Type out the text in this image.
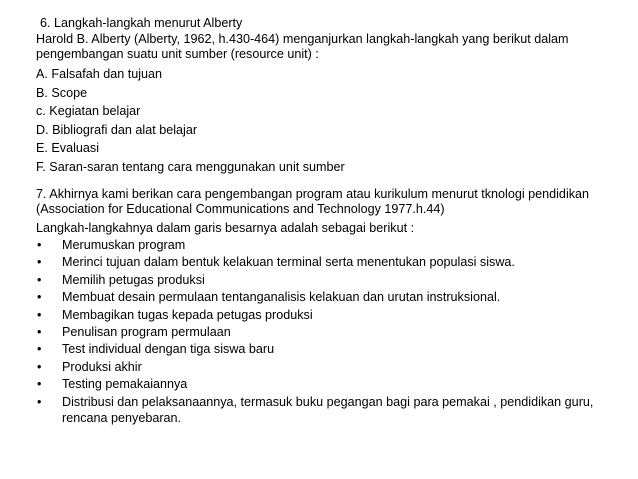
6. Langkah-langkah menurut Alberty
Harold B. Alberty (Alberty, 1962, h.430-464) menganjurkan langkah-langkah yang berikut dalam pengembangan suatu unit sumber (resource unit) :
A. Falsafah dan tujuan
B. Scope
c. Kegiatan belajar
D. Bibliografi dan alat belajar
E. Evaluasi
F. Saran-saran tentang cara menggunakan unit sumber
7. Akhirnya kami berikan cara pengembangan program atau kurikulum menurut tknologi pendidikan (Association for Educational Communications and Technology 1977.h.44)
Langkah-langkahnya dalam garis besarnya adalah sebagai berikut :
• Merumuskan program
• Merinci tujuan dalam bentuk kelakuan terminal serta menentukan populasi siswa.
• Memilih petugas produksi
• Membuat desain permulaan tentanganalisis kelakuan dan urutan instruksional.
• Membagikan tugas kepada petugas produksi
• Penulisan program permulaan
• Test individual dengan tiga siswa baru
• Produksi akhir
• Testing pemakaiannya
• Distribusi dan pelaksanaannya, termasuk buku pegangan bagi para pemakai , pendidikan guru, rencana penyebaran.
